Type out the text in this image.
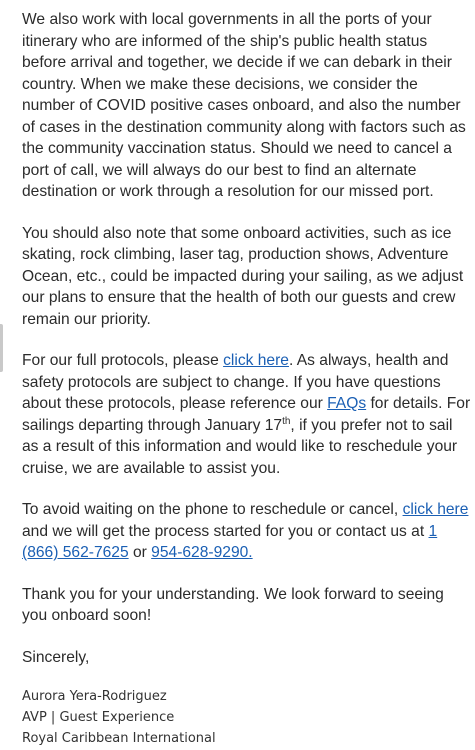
We also work with local governments in all the ports of your itinerary who are informed of the ship's public health status before arrival and together, we decide if we can debark in their country. When we make these decisions, we consider the number of COVID positive cases onboard, and also the number of cases in the destination community along with factors such as the community vaccination status. Should we need to cancel a port of call, we will always do our best to find an alternate destination or work through a resolution for our missed port.

You should also note that some onboard activities, such as ice skating, rock climbing, laser tag, production shows, Adventure Ocean, etc., could be impacted during your sailing, as we adjust our plans to ensure that the health of both our guests and crew remain our priority.

For our full protocols, please click here. As always, health and safety protocols are subject to change. If you have questions about these protocols, please reference our FAQs for details. For sailings departing through January 17th, if you prefer not to sail as a result of this information and would like to reschedule your cruise, we are available to assist you.

To avoid waiting on the phone to reschedule or cancel, click here and we will get the process started for you or contact us at 1 (866) 562-7625 or 954-628-9290.

Thank you for your understanding. We look forward to seeing you onboard soon!

Sincerely,
Aurora Yera-Rodriguez
AVP | Guest Experience
Royal Caribbean International
